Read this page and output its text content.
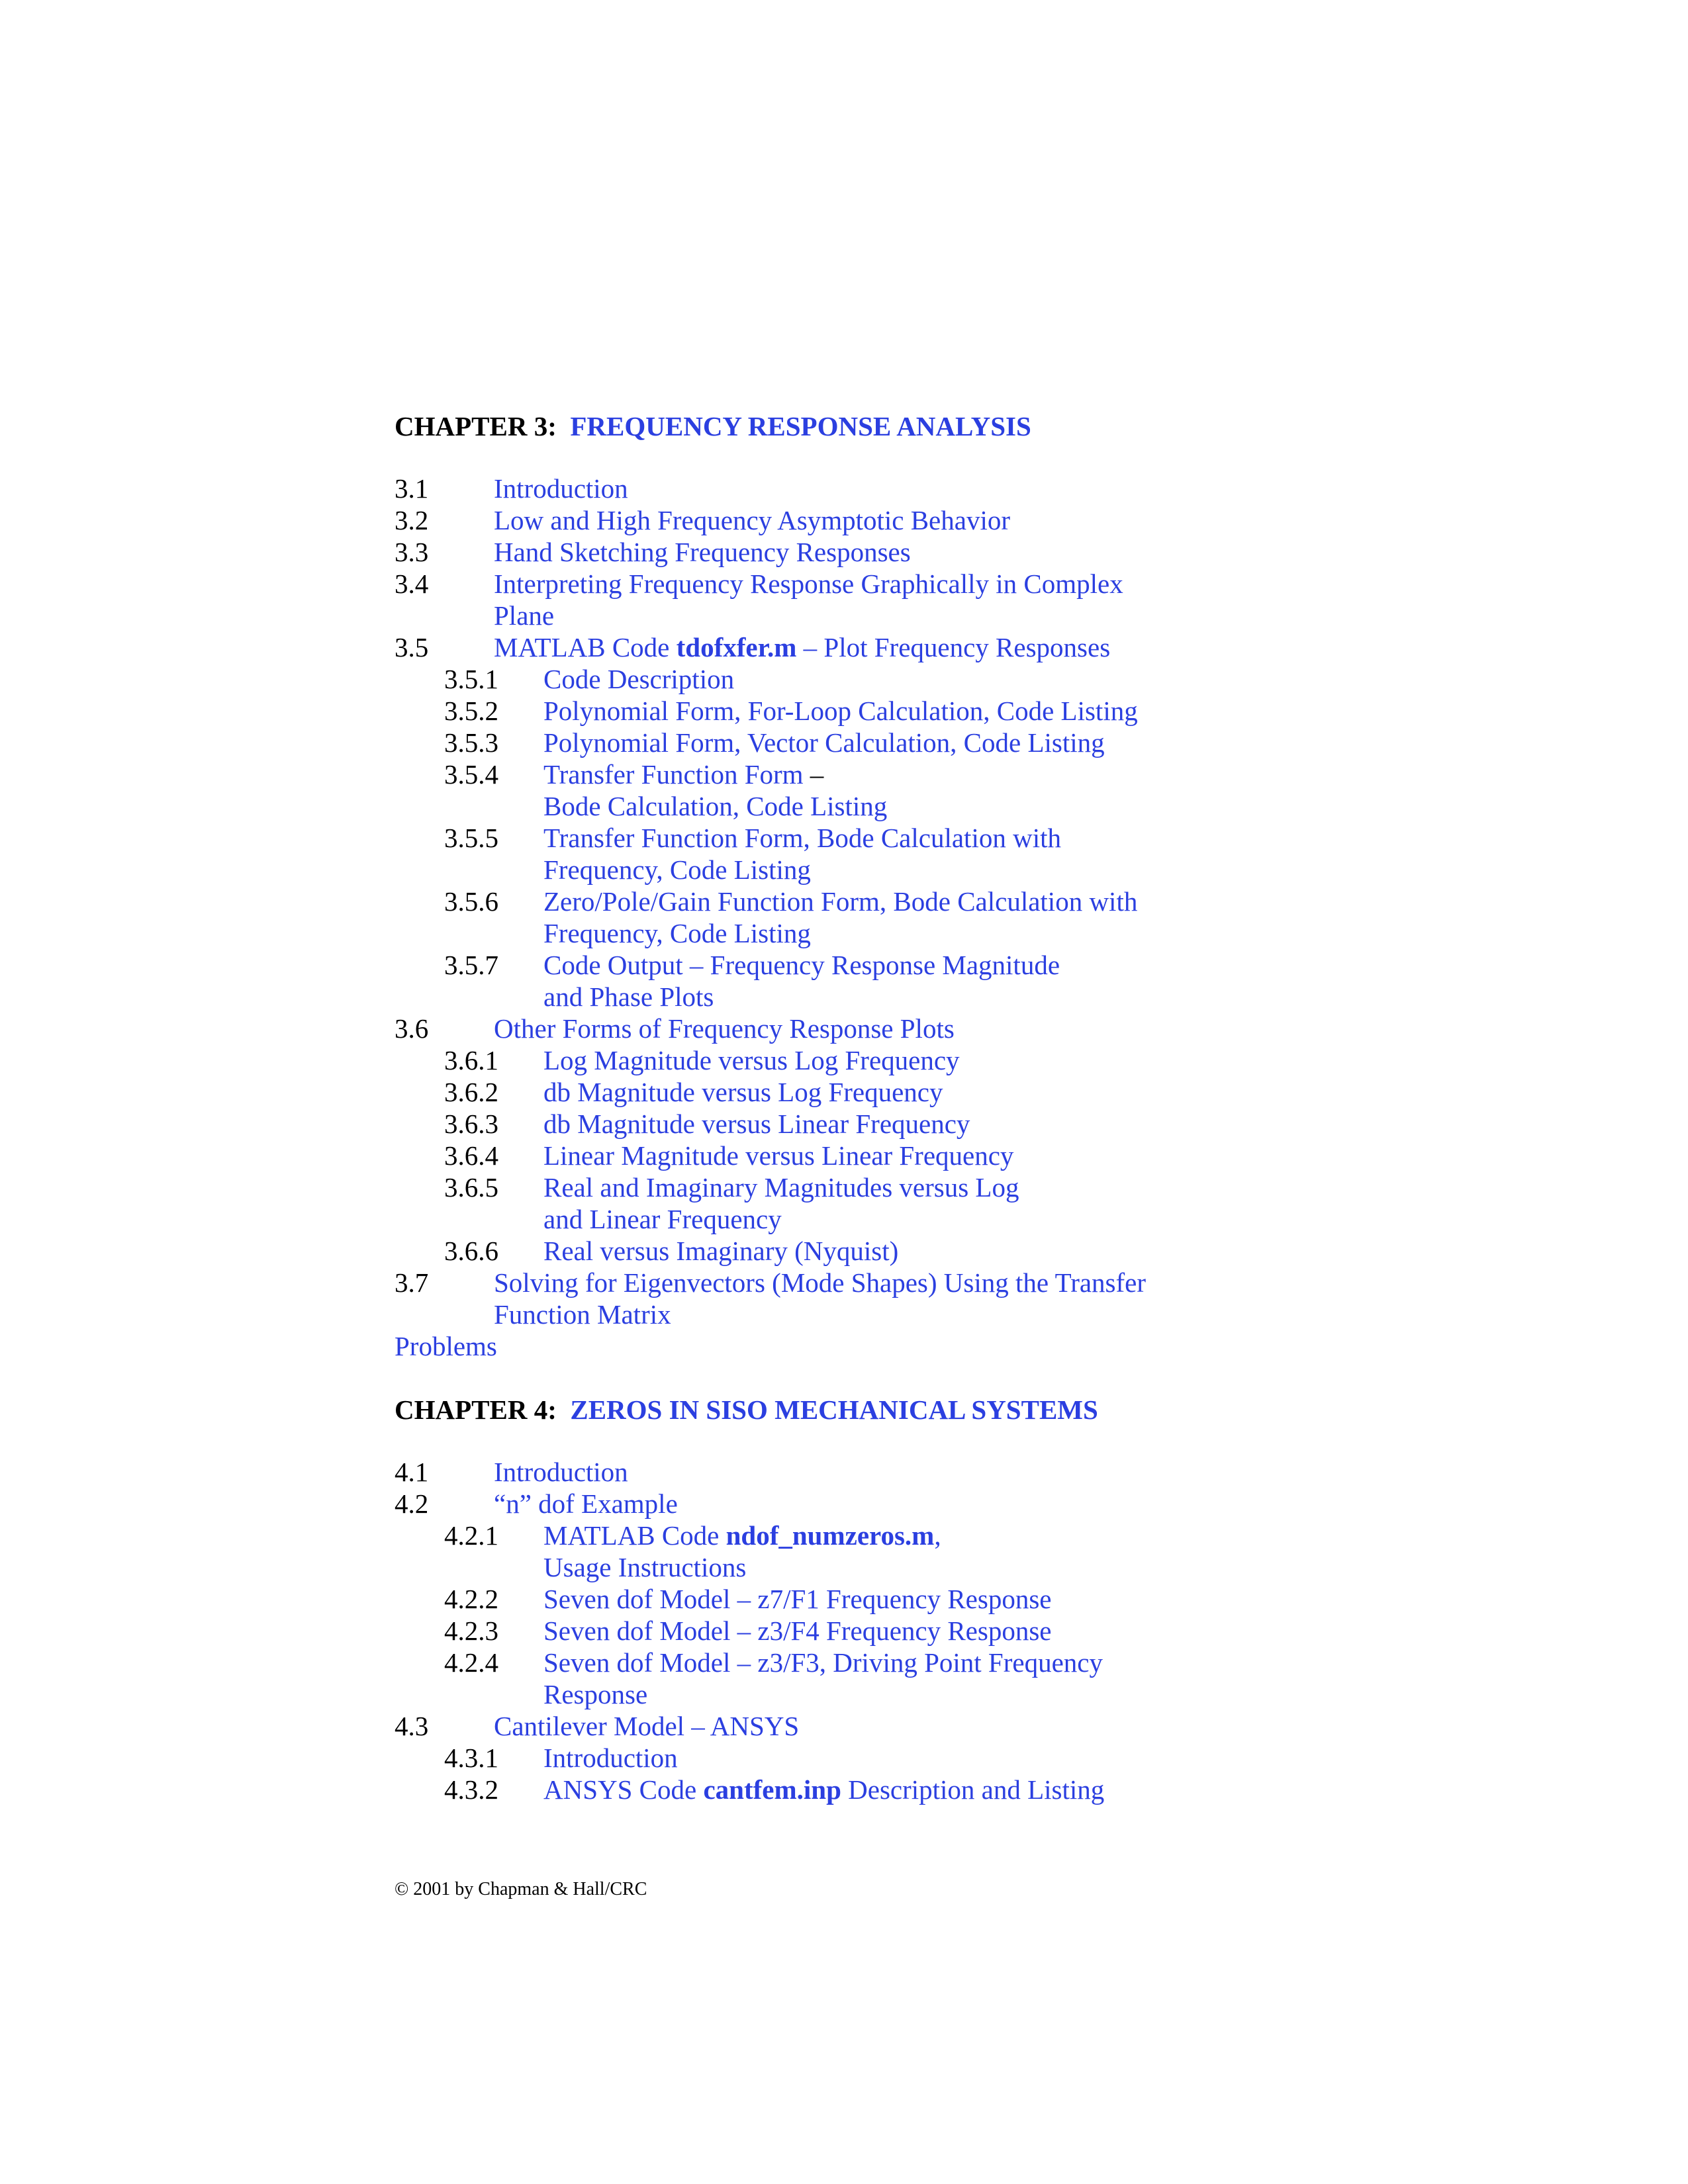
CHAPTER 3: FREQUENCY RESPONSE ANALYSIS
3.1 Introduction
3.2 Low and High Frequency Asymptotic Behavior
3.3 Hand Sketching Frequency Responses
3.4 Interpreting Frequency Response Graphically in Complex
Plane
3.5 MATLAB Code tdofxfer.m – Plot Frequency Responses
3.5.1 Code Description
3.5.2 Polynomial Form, For-Loop Calculation, Code Listing
3.5.3 Polynomial Form, Vector Calculation, Code Listing
3.5.4 Transfer Function Form –
Bode Calculation, Code Listing
3.5.5 Transfer Function Form, Bode Calculation with
Frequency, Code Listing
3.5.6 Zero/Pole/Gain Function Form, Bode Calculation with
Frequency, Code Listing
3.5.7 Code Output – Frequency Response Magnitude
and Phase Plots
3.6 Other Forms of Frequency Response Plots
3.6.1 Log Magnitude versus Log Frequency
3.6.2 db Magnitude versus Log Frequency
3.6.3 db Magnitude versus Linear Frequency
3.6.4 Linear Magnitude versus Linear Frequency
3.6.5 Real and Imaginary Magnitudes versus Log
and Linear Frequency
3.6.6 Real versus Imaginary (Nyquist)
3.7 Solving for Eigenvectors (Mode Shapes) Using the Transfer
Function Matrix
Problems
CHAPTER 4: ZEROS IN SISO MECHANICAL SYSTEMS
4.1 Introduction
4.2 “n” dof Example
4.2.1 MATLAB Code ndof_numzeros.m,
Usage Instructions
4.2.2 Seven dof Model – z7/F1 Frequency Response
4.2.3 Seven dof Model – z3/F4 Frequency Response
4.2.4 Seven dof Model – z3/F3, Driving Point Frequency
Response
4.3 Cantilever Model – ANSYS
4.3.1 Introduction
4.3.2 ANSYS Code cantfem.inp Description and Listing
© 2001 by Chapman & Hall/CRC
